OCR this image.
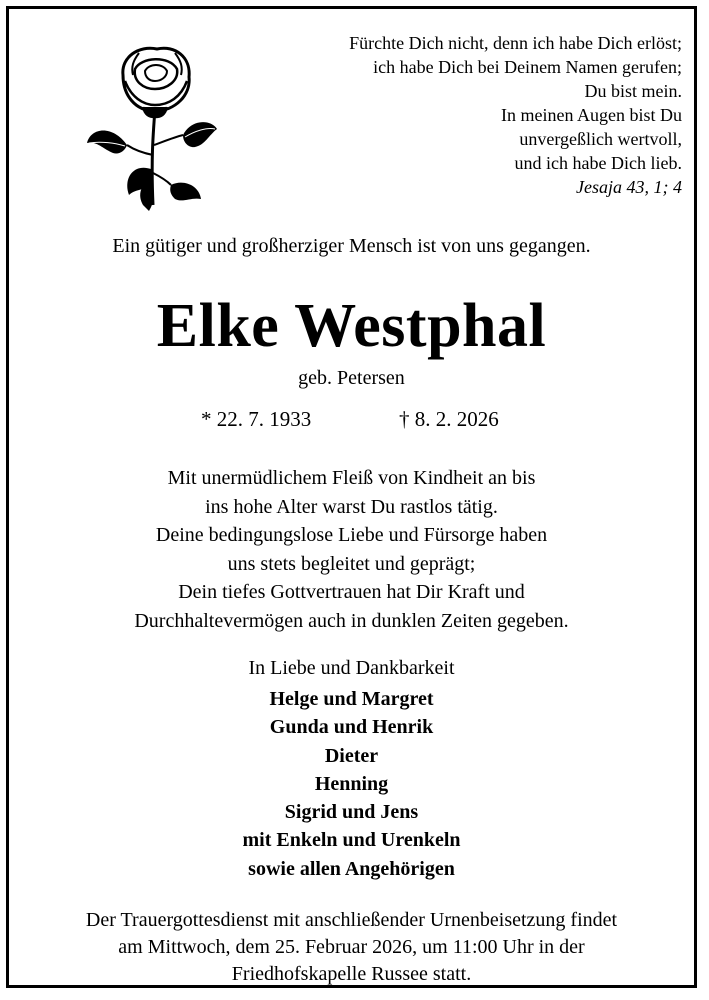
Fürchte Dich nicht, denn ich habe Dich erlöst;
ich habe Dich bei Deinem Namen gerufen;
Du bist mein.
In meinen Augen bist Du
unvergeßlich wertvoll,
und ich habe Dich lieb.
Jesaja 43, 1; 4
Ein gütiger und großherziger Mensch ist von uns gegangen.
Elke Westphal
geb. Petersen
* 22. 7. 1933	† 8. 2. 2026
Mit unermüdlichem Fleiß von Kindheit an bis
ins hohe Alter warst Du rastlos tätig.
Deine bedingungslose Liebe und Fürsorge haben
uns stets begleitet und geprägt;
Dein tiefes Gottvertrauen hat Dir Kraft und
Durchhaltevermögen auch in dunklen Zeiten gegeben.
In Liebe und Dankbarkeit
Helge und Margret
Gunda und Henrik
Dieter
Henning
Sigrid und Jens
mit Enkeln und Urenkeln
sowie allen Angehörigen
Der Trauergottesdienst mit anschließender Urnenbeisetzung findet
am Mittwoch, dem 25. Februar 2026, um 11:00 Uhr in der
Friedhofskapelle Russee statt.
